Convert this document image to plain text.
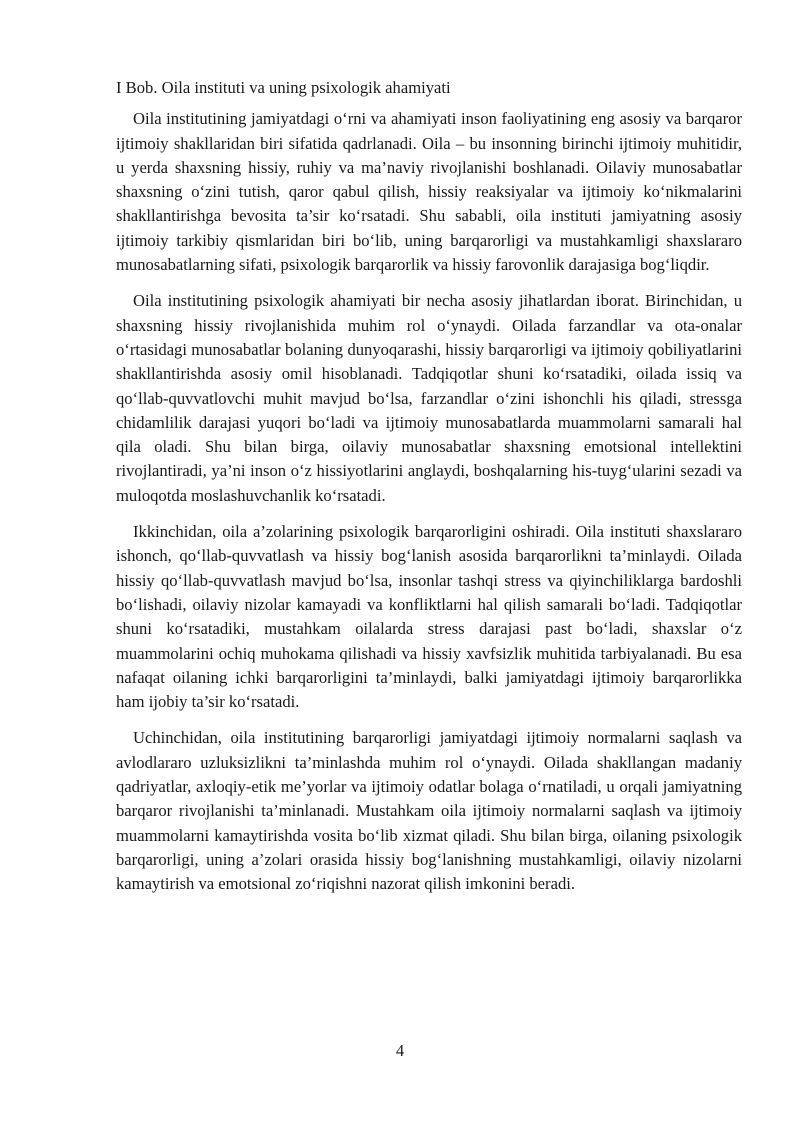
I Bob. Oila instituti va uning psixologik ahamiyati

Oila institutining jamiyatdagi o‘rni va ahamiyati inson faoliyatining eng asosiy va barqaror ijtimoiy shakllaridan biri sifatida qadrlanadi. Oila – bu insonning birinchi ijtimoiy muhitidir, u yerda shaxsning hissiy, ruhiy va ma’naviy rivojlanishi boshlanadi. Oilaviy munosabatlar shaxsning o‘zini tutish, qaror qabul qilish, hissiy reaksiyalar va ijtimoiy ko‘nikmalarini shakllantirishga bevosita ta’sir ko‘rsatadi. Shu sababli, oila instituti jamiyatning asosiy ijtimoiy tarkibiy qismlaridan biri bo‘lib, uning barqarorligi va mustahkamligi shaxslararo munosabatlarning sifati, psixologik barqarorlik va hissiy farovonlik darajasiga bog‘liqdir.

Oila institutining psixologik ahamiyati bir necha asosiy jihatlardan iborat. Birinchidan, u shaxsning hissiy rivojlanishida muhim rol o‘ynaydi. Oilada farzandlar va ota-onalar o‘rtasidagi munosabatlar bolaning dunyoqarashi, hissiy barqarorligi va ijtimoiy qobiliyatlarini shakllantirishda asosiy omil hisoblanadi. Tadqiqotlar shuni ko‘rsatadiki, oilada issiq va qo‘llab-quvvatlovchi muhit mavjud bo‘lsa, farzandlar o‘zini ishonchli his qiladi, stressga chidamlilik darajasi yuqori bo‘ladi va ijtimoiy munosabatlarda muammolarni samarali hal qila oladi. Shu bilan birga, oilaviy munosabatlar shaxsning emotsional intellektini rivojlantiradi, ya’ni inson o‘z hissiyotlarini anglaydi, boshqalarning his-tuyg‘ularini sezadi va muloqotda moslashuvchanlik ko‘rsatadi.

Ikkinchidan, oila a’zolarining psixologik barqarorligini oshiradi. Oila instituti shaxslararo ishonch, qo‘llab-quvvatlash va hissiy bog‘lanish asosida barqarorlikni ta’minlaydi. Oilada hissiy qo‘llab-quvvatlash mavjud bo‘lsa, insonlar tashqi stress va qiyinchiliklarga bardoshli bo‘lishadi, oilaviy nizolar kamayadi va konfliktlarni hal qilish samarali bo‘ladi. Tadqiqotlar shuni ko‘rsatadiki, mustahkam oilalarda stress darajasi past bo‘ladi, shaxslar o‘z muammolarini ochiq muhokama qilishadi va hissiy xavfsizlik muhitida tarbiyalanadi. Bu esa nafaqat oilaning ichki barqarorligini ta’minlaydi, balki jamiyatdagi ijtimoiy barqarorlikka ham ijobiy ta’sir ko‘rsatadi.

Uchinchidan, oila institutining barqarorligi jamiyatdagi ijtimoiy normalarni saqlash va avlodlararo uzluksizlikni ta’minlashda muhim rol o‘ynaydi. Oilada shakllangan madaniy qadriyatlar, axloqiy-etik me’yorlar va ijtimoiy odatlar bolaga o‘rnatiladi, u orqali jamiyatning barqaror rivojlanishi ta’minlanadi. Mustahkam oila ijtimoiy normalarni saqlash va ijtimoiy muammolarni kamaytirishda vosita bo‘lib xizmat qiladi. Shu bilan birga, oilaning psixologik barqarorligi, uning a’zolari orasida hissiy bog‘lanishning mustahkamligi, oilaviy nizolarni kamaytirish va emotsional zo‘riqishni nazorat qilish imkonini beradi.

4
